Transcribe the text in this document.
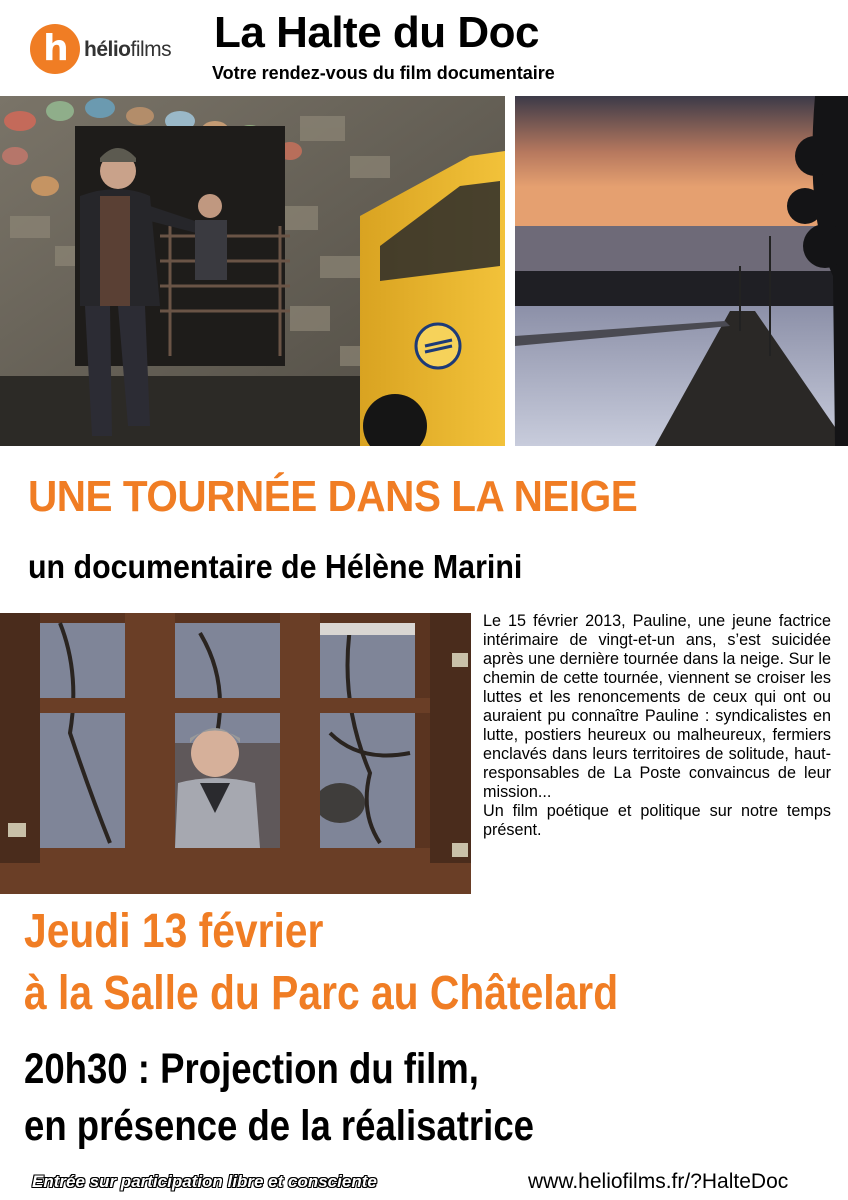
h héliofilms La Halte du Doc
Votre rendez-vous du film documentaire
UNE TOURNÉE DANS LA NEIGE
un documentaire de Hélène Marini

Le 15 février 2013, Pauline, une jeune factrice intérimaire de vingt-et-un ans, s’est suicidée après une dernière tournée dans la neige. Sur le chemin de cette tournée, viennent se croiser les luttes et les renoncements de ceux qui ont ou auraient pu connaître Pauline : syndicalistes en lutte, postiers heureux ou malheureux, fermiers enclavés dans leurs territoires de solitude, haut-responsables de La Poste convaincus de leur mission...

Un film poétique et politique sur notre temps présent.

Jeudi 13 février
à la Salle du Parc au Châtelard
20h30 : Projection du film,
en présence de la réalisatrice
Entrée sur participation libre et consciente	www.heliofilms.fr/?HalteDoc
